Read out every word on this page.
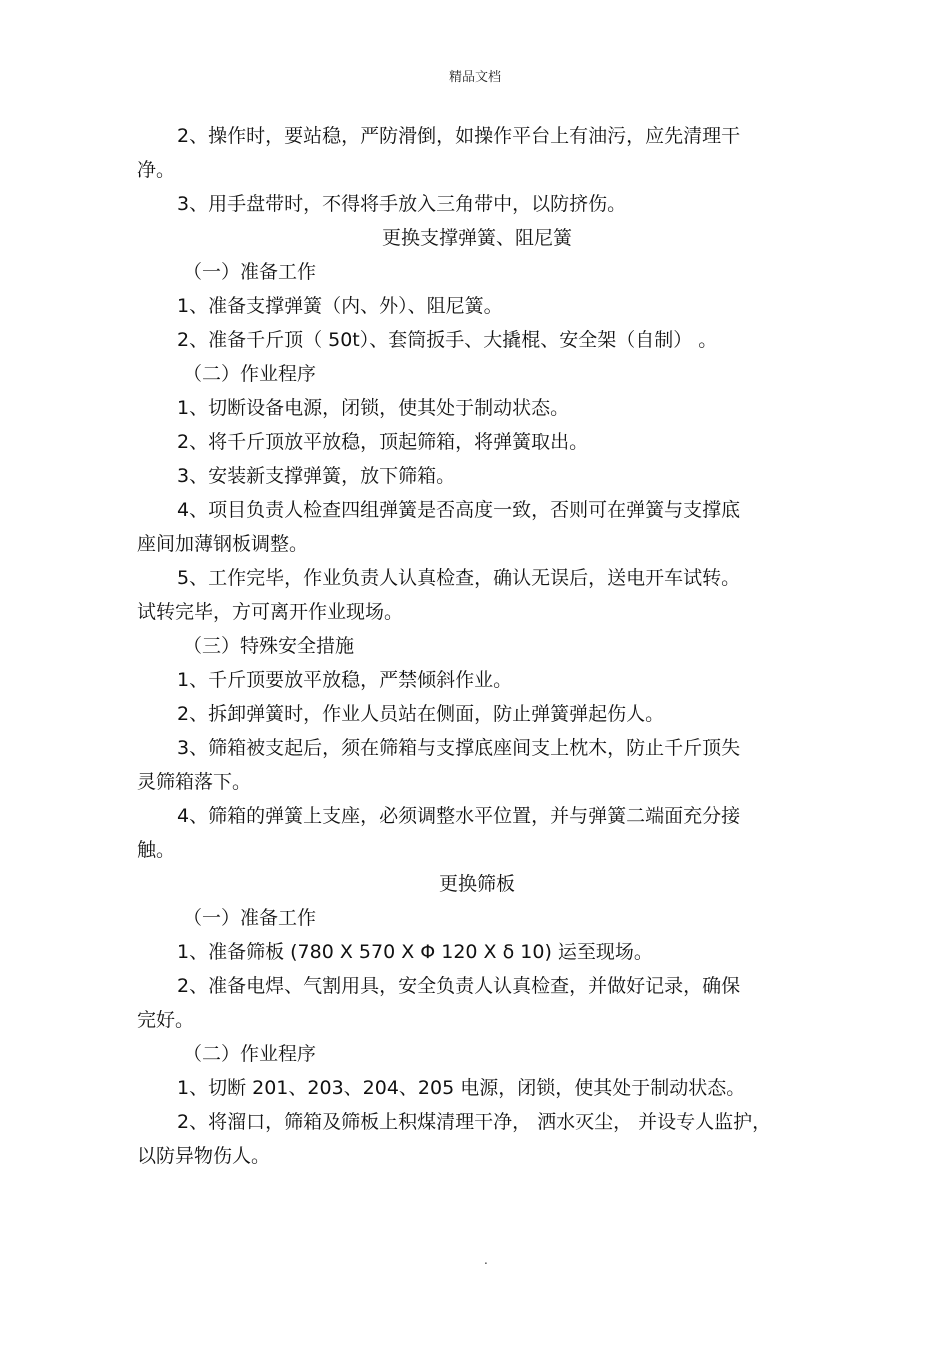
精品文档

2、操作时，要站稳，严防滑倒，如操作平台上有油污，应先清理干
净。

3、用手盘带时，不得将手放入三角带中，以防挤伤。

更换支撑弹簧、阻尼簧

（一）准备工作

1、准备支撑弹簧（内、外）、阻尼簧。

2、准备千斤顶（ 50t）、套筒扳手、大撬棍、安全架（自制） 。

（二）作业程序

1、切断设备电源，闭锁，使其处于制动状态。

2、将千斤顶放平放稳，顶起筛箱，将弹簧取出。

3、安装新支撑弹簧，放下筛箱。

4、项目负责人检查四组弹簧是否高度一致，否则可在弹簧与支撑底
座间加薄钢板调整。

5、工作完毕，作业负责人认真检查，确认无误后，送电开车试转。
试转完毕，方可离开作业现场。

（三）特殊安全措施

1、千斤顶要放平放稳，严禁倾斜作业。

2、拆卸弹簧时，作业人员站在侧面，防止弹簧弹起伤人。

3、筛箱被支起后，须在筛箱与支撑底座间支上枕木，防止千斤顶失
灵筛箱落下。

4、筛箱的弹簧上支座，必须调整水平位置，并与弹簧二端面充分接
触。

更换筛板

（一）准备工作

1、准备筛板 (780 X 570 X Φ 120 X δ 10) 运至现场。

2、准备电焊、气割用具，安全负责人认真检查，并做好记录，确保
完好。

（二）作业程序

1、切断 201、203、204、205 电源，闭锁，使其处于制动状态。

2、将溜口，筛箱及筛板上积煤清理干净， 洒水灭尘， 并设专人监护，
以防异物伤人。

.
